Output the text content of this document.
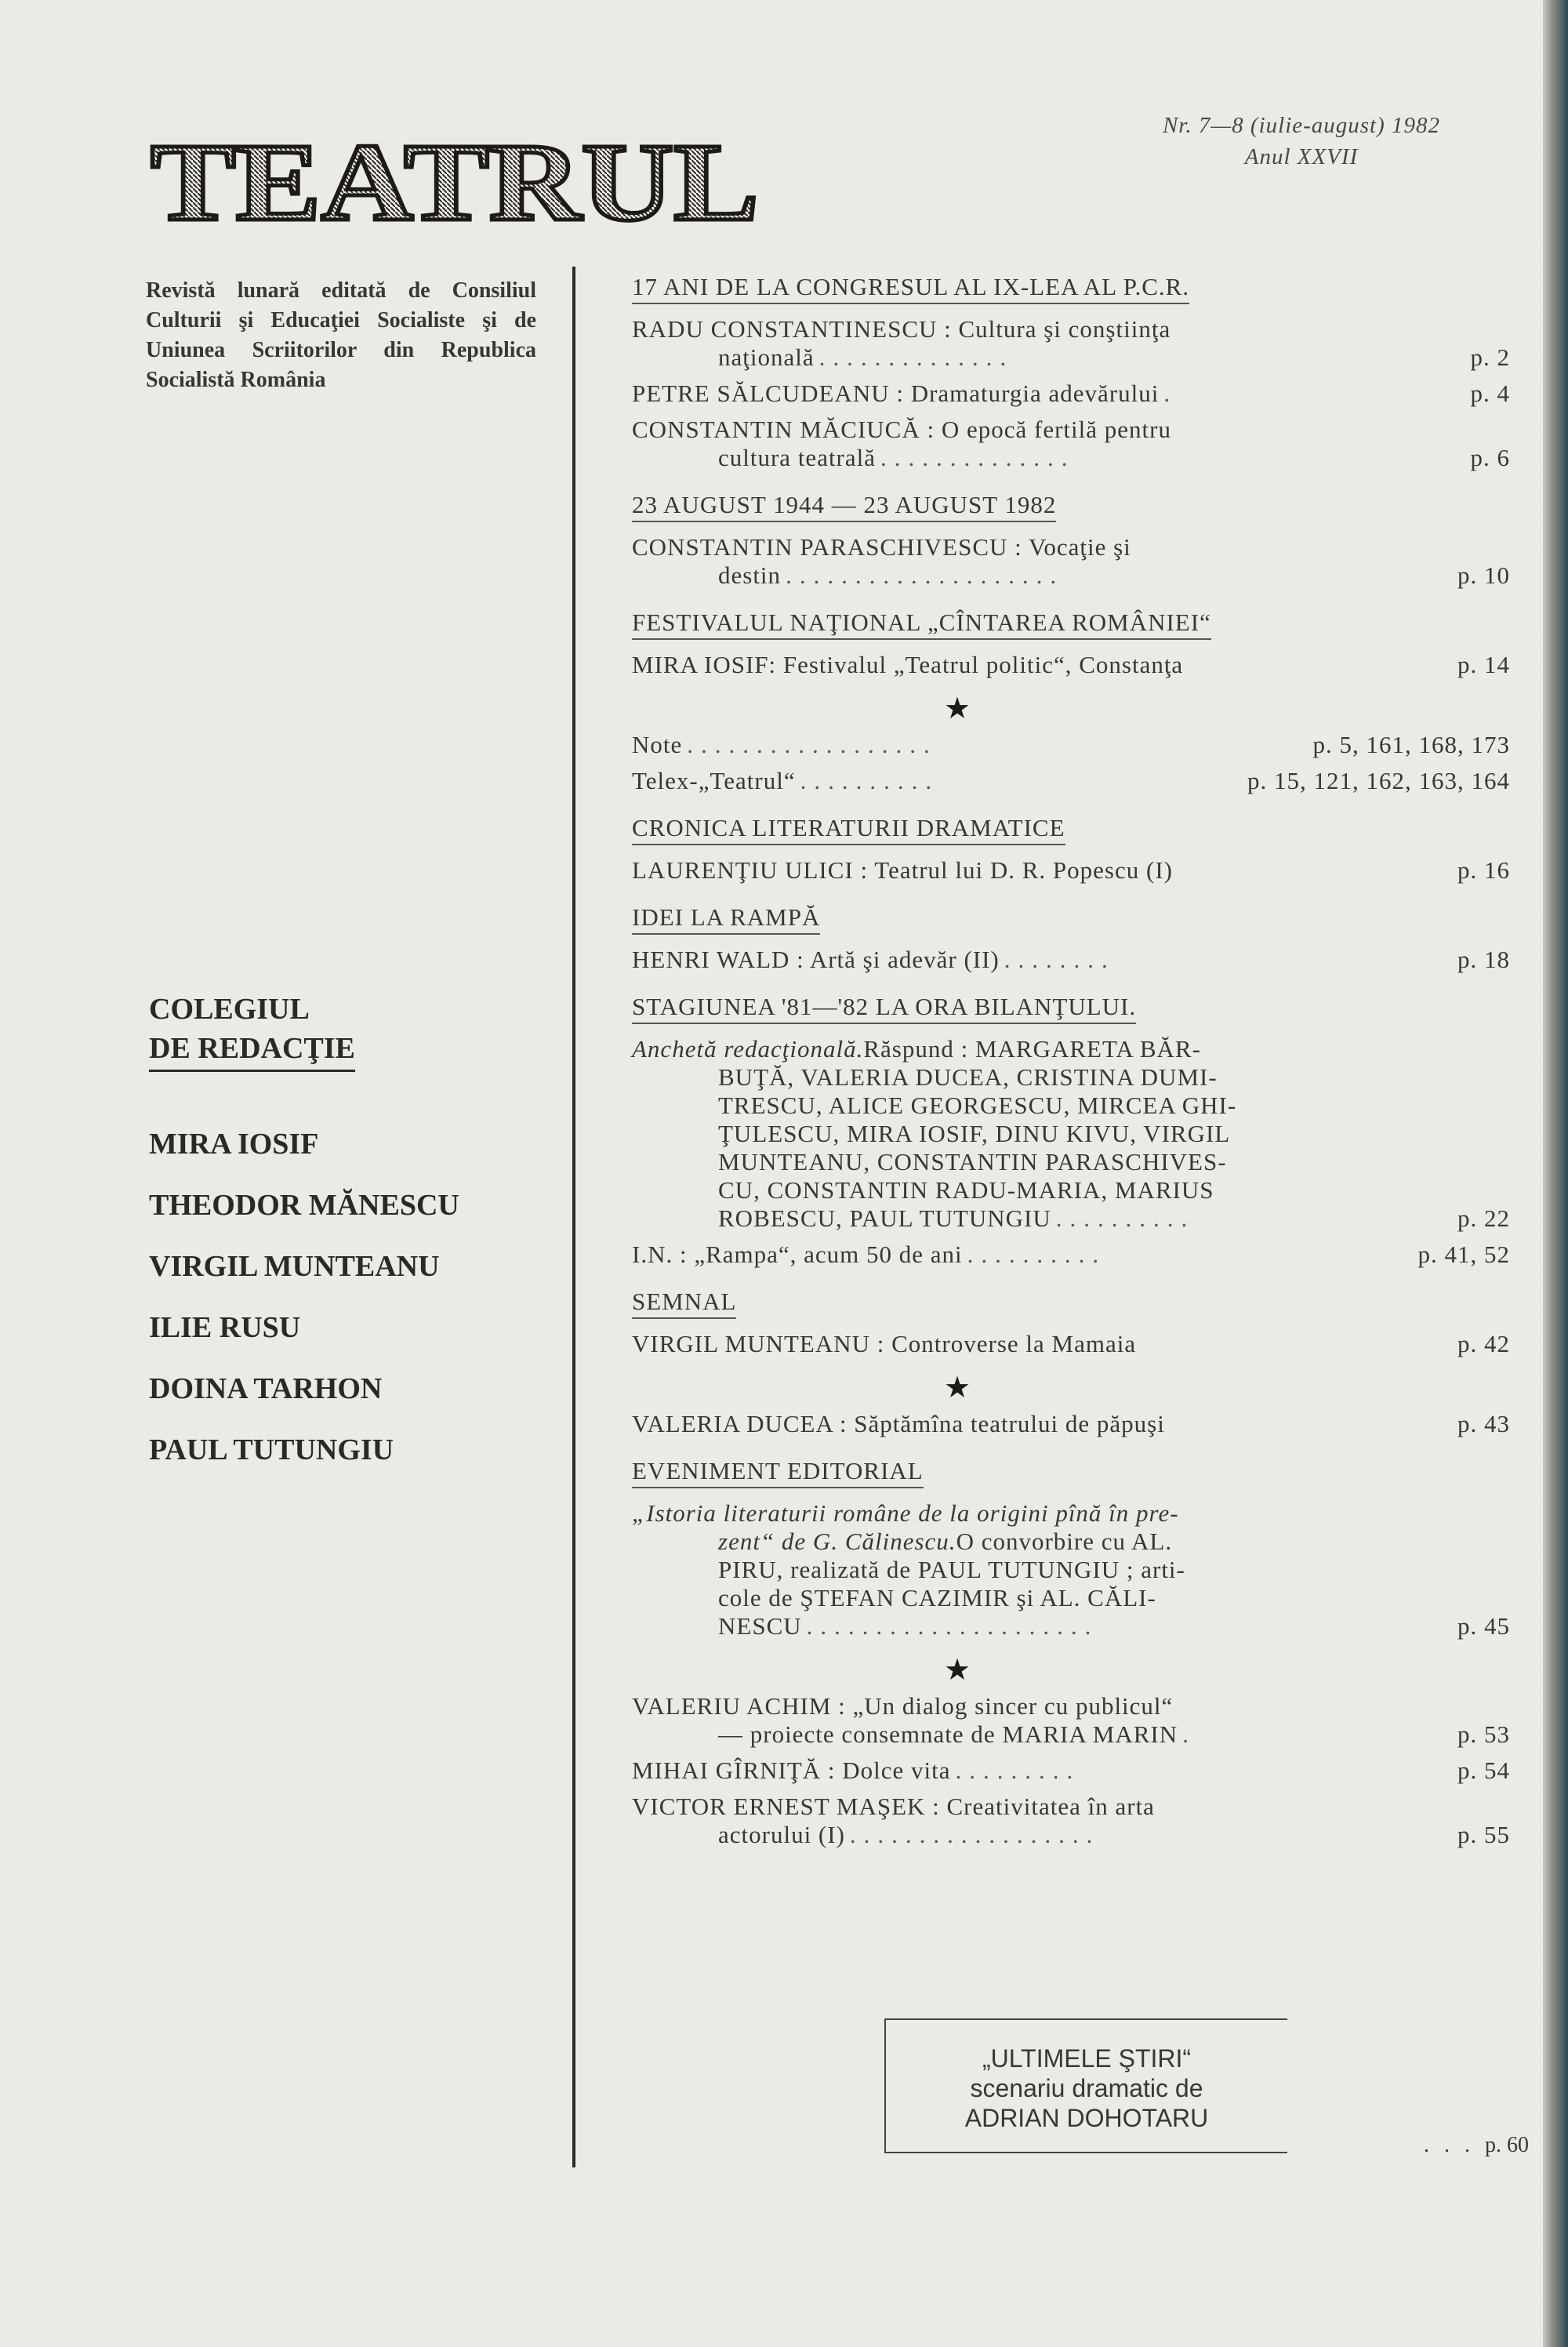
TEATRUL	Nr. 7—8 (iulie-august) 1982
Anul XXVII
Revistă lunară editată de Consiliul Culturii şi Educaţiei Socialiste şi de Uniunea Scriitorilor din Republica Socialistă România
COLEGIUL
DE REDACŢIE
MIRA IOSIF
THEODOR MĂNESCU
VIRGIL MUNTEANU
ILIE RUSU
DOINA TARHON
PAUL TUTUNGIU
17 ANI DE LA CONGRESUL AL IX-LEA AL P.C.R.
RADU CONSTANTINESCU : Cultura şi conştiinţa
naţională ..............	p. 2
PETRE SĂLCUDEANU : Dramaturgia adevărului .	p. 4
CONSTANTIN MĂCIUCĂ : O epocă fertilă pentru
cultura teatrală ..............	p. 6
23 AUGUST 1944 — 23 AUGUST 1982
CONSTANTIN PARASCHIVESCU : Vocaţie şi
destin ....................	p. 10
FESTIVALUL NAŢIONAL „CÎNTAREA ROMÂNIEI“
MIRA IOSIF: Festivalul „Teatrul politic“, Constanţa	p. 14
★
Note ..................	p. 5, 161, 168, 173
Telex-„Teatrul“ ..........	p. 15, 121, 162, 163, 164
CRONICA LITERATURII DRAMATICE
LAURENŢIU ULICI : Teatrul lui D. R. Popescu (I)	p. 16
IDEI LA RAMPĂ
HENRI WALD : Artă şi adevăr (II) ........	p. 18
STAGIUNEA '81—'82 LA ORA BILANŢULUI.
Anchetă redacţională. Răspund : MARGARETA BĂR-
BUŢĂ, VALERIA DUCEA, CRISTINA DUMI-
TRESCU, ALICE GEORGESCU, MIRCEA GHI-
ŢULESCU, MIRA IOSIF, DINU KIVU, VIRGIL
MUNTEANU, CONSTANTIN PARASCHIVES-
CU, CONSTANTIN RADU-MARIA, MARIUS
ROBESCU, PAUL TUTUNGIU ..........	p. 22
I.N. : „Rampa“, acum 50 de ani ..........	p. 41, 52
SEMNAL
VIRGIL MUNTEANU : Controverse la Mamaia	p. 42
★
VALERIA DUCEA : Săptămîna teatrului de păpuşi	p. 43
EVENIMENT EDITORIAL
„Istoria literaturii române de la origini pînă în pre-
zent“ de G. Călinescu. O convorbire cu AL.
PIRU, realizată de PAUL TUTUNGIU ; arti-
cole de ŞTEFAN CAZIMIR şi AL. CĂLI-
NESCU .....................	p. 45
★
VALERIU ACHIM : „Un dialog sincer cu publicul“
— proiecte consemnate de MARIA MARIN .	p. 53
MIHAI GÎRNIŢĂ : Dolce vita .........	p. 54
VICTOR ERNEST MAŞEK : Creativitatea în arta
actorului (I) ..................	p. 55
„ULTIMELE ŞTIRI“
scenariu dramatic de
ADRIAN DOHOTARU
. . . p. 60
